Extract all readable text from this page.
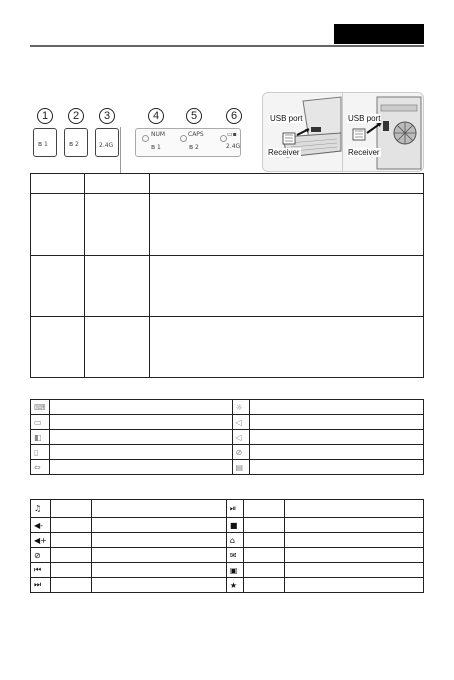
1	2	3	4	5	6
ʙ 1	ʙ 2	2.4G
NUM
ʙ 1
CAPS
ʙ 2
▭▪
2.4G
USB port
Receiver
USB port
Receiver

⌨		☼	
▭		◁	
◧		◁	
▯		⊘	
⇔		▤	
♫			⏯		
◀-			■		
◀+			⌂		
⊘			✉		
⏮			▣		
⏭			★		
